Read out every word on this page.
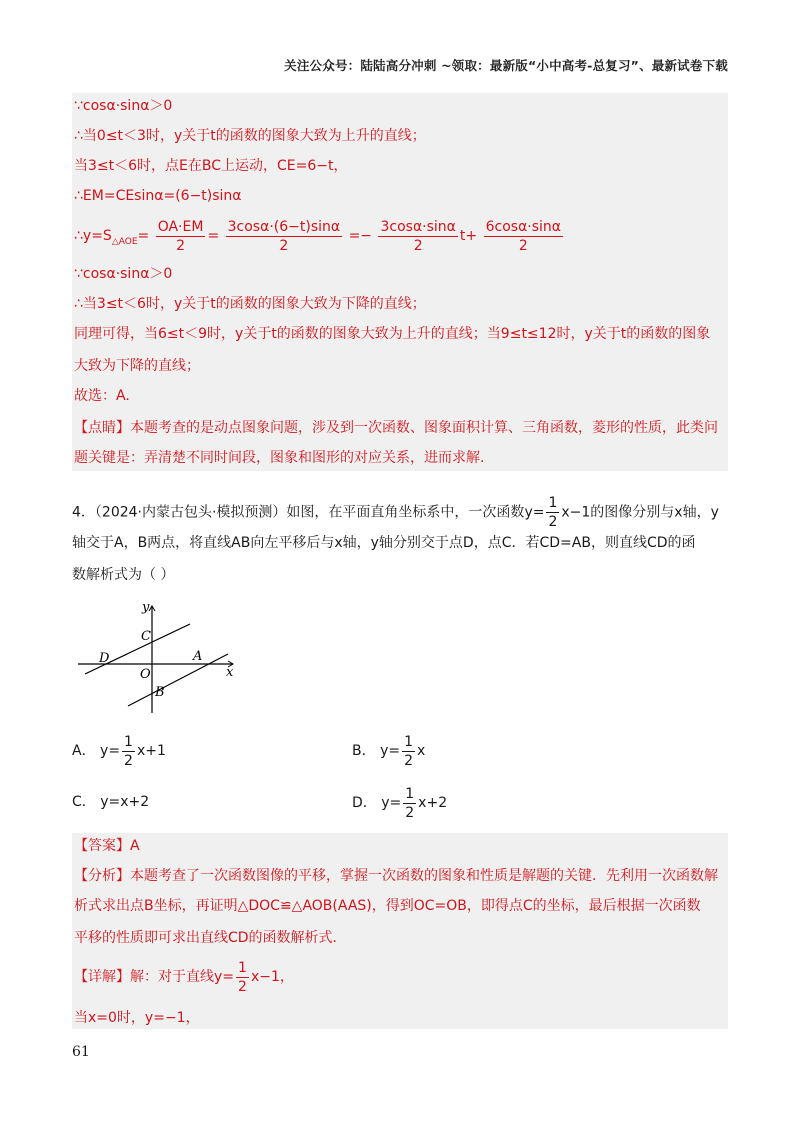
关注公众号：陆陆高分冲刺 ~领取：最新版“小中高考-总复习”、最新试卷下载
∵cosα·sinα＞0
∴当0≤t＜3时，y关于t的函数的图象大致为上升的直线；
当3≤t＜6时，点E在BC上运动，CE=6−t，
∴EM=CEsinα=(6−t)sinα
$\therefore y=S_{\triangle AOE}= \frac{OA\cdot EM}{2} = \frac{3\cos\alpha\cdot(6-t)\sin\alpha}{2} =- \frac{3\cos\alpha\cdot\sin\alpha}{2} t+ \frac{6\cos\alpha\cdot\sin\alpha}{2}$
∵cosα·sinα＞0
∴当3≤t＜6时，y关于t的函数的图象大致为下降的直线；
同理可得，当6≤t＜9时，y关于t的函数的图象大致为上升的直线；当9≤t≤12时，y关于t的函数的图象
大致为下降的直线；
故选：A.
【点睛】本题考查的是动点图象问题，涉及到一次函数、图象面积计算、三角函数，菱形的性质，此类问
题关键是：弄清楚不同时间段，图象和图形的对应关系，进而求解.
4．（2024·内蒙古包头·模拟预测）如图，在平面直角坐标系中，一次函数$y= \frac{1}{2} x-1$的图像分别与x轴，y
轴交于A，B两点，将直线AB向左平移后与x轴，y轴分别交于点D，点C．若CD=AB，则直线CD的函
数解析式为（ ）
y
x
C
D
O
A
B
A． $y= \frac{1}{2} x+1$	B． $y= \frac{1}{2}$ x
C． y=x+2	D． $y= \frac{1}{2} x+2$
【答案】A
【分析】本题考查了一次函数图像的平移，掌握一次函数的图象和性质是解题的关键．先利用一次函数解
析式求出点B坐标，再证明△DOC≌△AOB(AAS)，得到OC=OB，即得点C的坐标，最后根据一次函数
平移的性质即可求出直线CD的函数解析式．
【详解】解：对于直线$y= \frac{1}{2} x-1$，
当x=0时，y=−1，
61
